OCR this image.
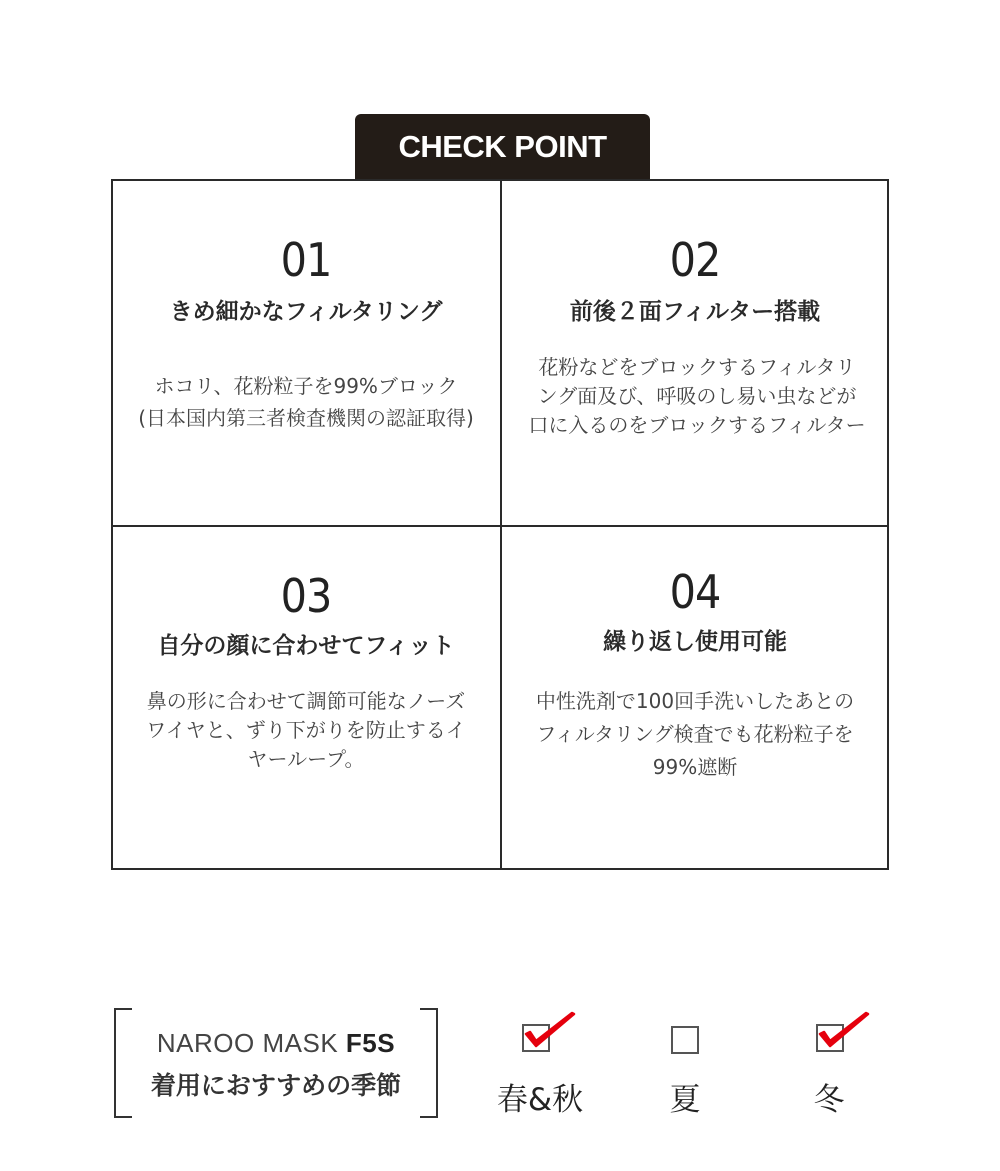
CHECK POINT
01
きめ細かなフィルタリング
ホコリ、花粉粒子を99%ブロック
(日本国内第三者検査機関の認証取得)
02
前後２面フィルター搭載
花粉などをブロックするフィルタリ
ング面及び、呼吸のし易い虫などが
口に入るのをブロックするフィルター
03
自分の顔に合わせてフィット
鼻の形に合わせて調節可能なノーズ
ワイヤと、ずり下がりを防止するイ
ヤーループ。
04
繰り返し使用可能
中性洗剤で100回手洗いしたあとの
フィルタリング検査でも花粉粒子を
99%遮断
NAROO MASK F5S
着用におすすめの季節	春&秋	夏	冬
